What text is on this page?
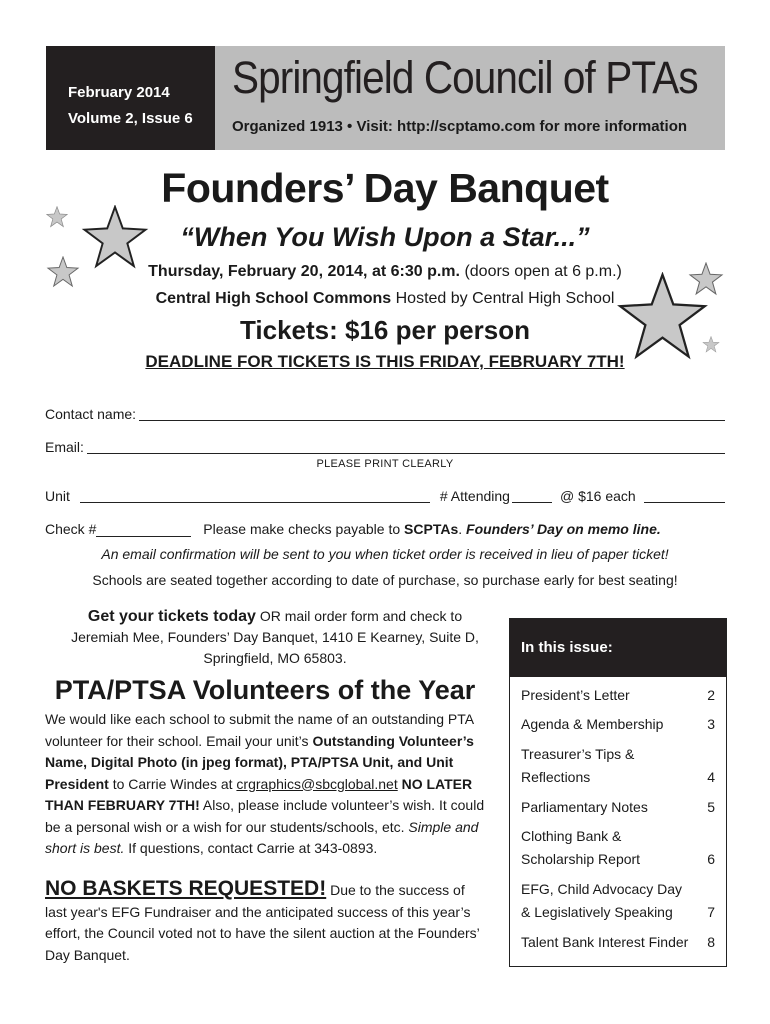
February 2014
Volume 2, Issue 6
Springfield Council of PTAs
Organized 1913 • Visit: http://scptamo.com for more information
Founders’ Day Banquet
“When You Wish Upon a Star...”
Thursday, February 20, 2014, at 6:30 p.m. (doors open at 6 p.m.)
Central High School Commons Hosted by Central High School
Tickets: $16 per person
DEADLINE FOR TICKETS IS THIS FRIDAY, FEBRUARY 7TH!
Contact name:
Email:
PLEASE PRINT CLEARLY
Unit	# Attending	@ $16 each
Check #	Please make checks payable to SCPTAs. Founders’ Day on memo line.
An email confirmation will be sent to you when ticket order is received in lieu of paper ticket!
Schools are seated together according to date of purchase, so purchase early for best seating!
Get your tickets today OR mail order form and check to
Jeremiah Mee, Founders’ Day Banquet, 1410 E Kearney, Suite D,
Springfield, MO 65803.
PTA/PTSA Volunteers of the Year
We would like each school to submit the name of an outstanding PTA volunteer for their school. Email your unit’s Outstanding Volunteer’s Name, Digital Photo (in jpeg format), PTA/PTSA Unit, and Unit President to Carrie Windes at crgraphics@sbcglobal.net NO LATER THAN FEBRUARY 7TH! Also, please include volunteer’s wish. It could be a personal wish or a wish for our students/schools, etc. Simple and short is best. If questions, contact Carrie at 343-0893.
NO BASKETS REQUESTED! Due to the success of last year's EFG Fundraiser and the anticipated success of this year’s effort, the Council voted not to have the silent auction at the Founders’ Day Banquet.
In this issue:
President’s Letter	2
Agenda & Membership	3
Treasurer’s Tips &
Reflections	4
Parliamentary Notes	5
Clothing Bank &
Scholarship Report	6
EFG, Child Advocacy Day
& Legislatively Speaking	7
Talent Bank Interest Finder	8
